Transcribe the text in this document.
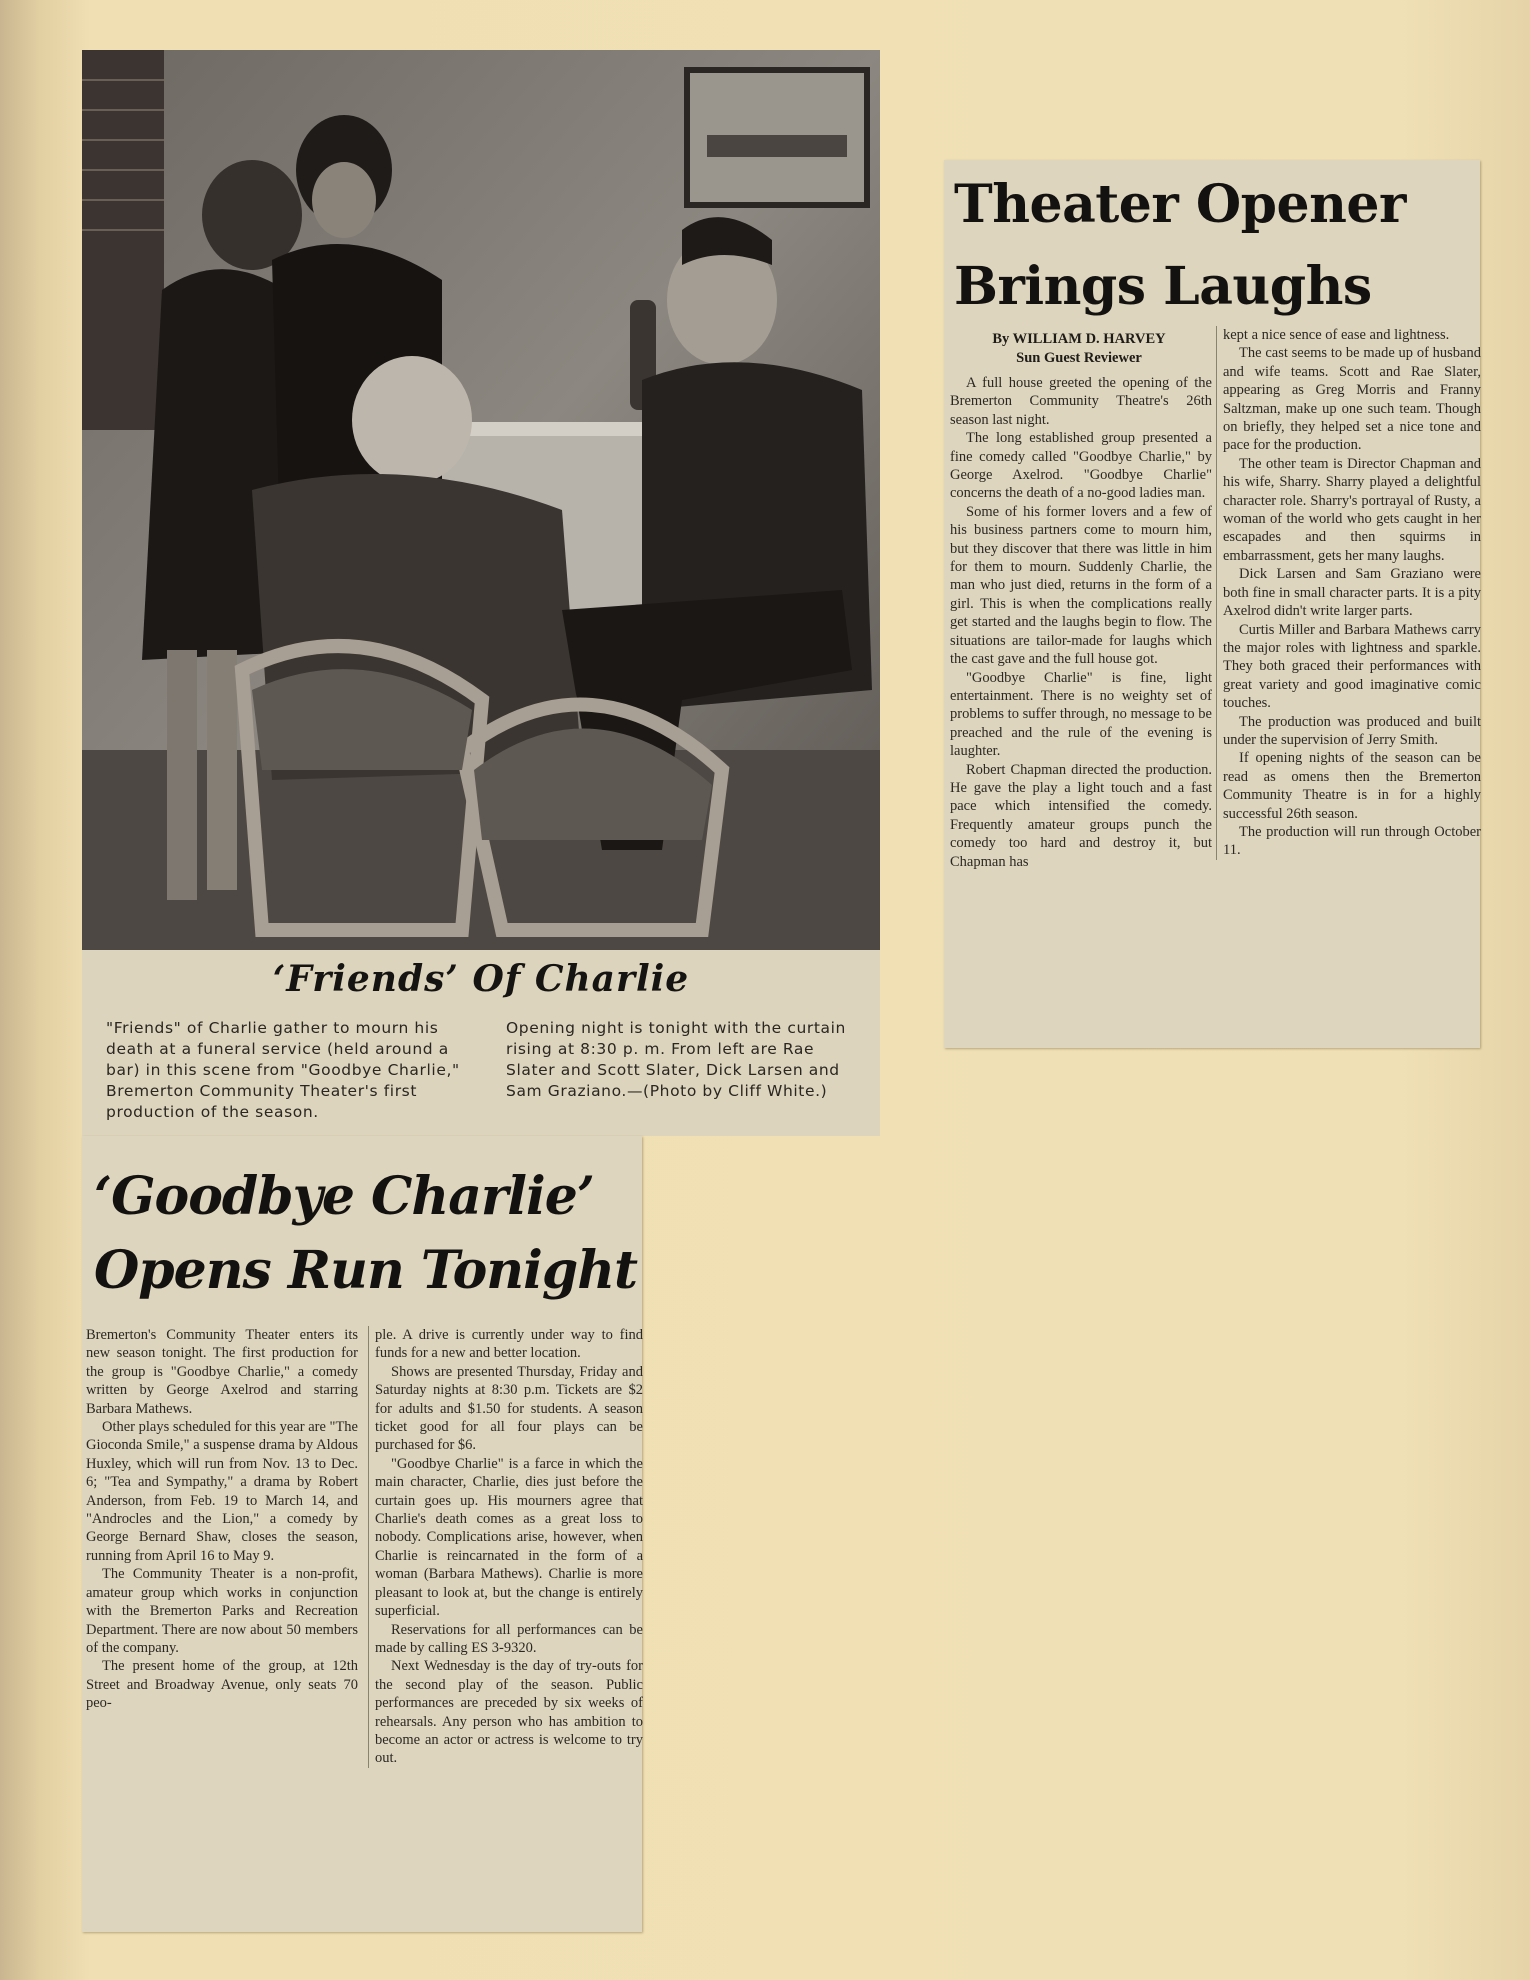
‘Friends’ Of Charlie

"Friends" of Charlie gather to mourn his death at a funeral service (held around a bar) in this scene from "Goodbye Charlie," Bremerton Community Theater's first production of the season.

Opening night is tonight with the curtain rising at 8:30 p. m. From left are Rae Slater and Scott Slater, Dick Larsen and Sam Graziano.—(Photo by Cliff White.)

‘Goodbye Charlie’
Opens Run Tonight

Bremerton's Community Theater enters its new season tonight. The first production for the group is "Goodbye Charlie," a comedy written by George Axelrod and starring Barbara Mathews.

Other plays scheduled for this year are "The Gioconda Smile," a suspense drama by Aldous Huxley, which will run from Nov. 13 to Dec. 6; "Tea and Sympathy," a drama by Robert Anderson, from Feb. 19 to March 14, and "Androcles and the Lion," a comedy by George Bernard Shaw, closes the season, running from April 16 to May 9.

The Community Theater is a non-profit, amateur group which works in conjunction with the Bremerton Parks and Recreation Department. There are now about 50 members of the company.

The present home of the group, at 12th Street and Broadway Avenue, only seats 70 peo-

ple. A drive is currently under way to find funds for a new and better location.

Shows are presented Thursday, Friday and Saturday nights at 8:30 p.m. Tickets are $2 for adults and $1.50 for students. A season ticket good for all four plays can be purchased for $6.

"Goodbye Charlie" is a farce in which the main character, Charlie, dies just before the curtain goes up. His mourners agree that Charlie's death comes as a great loss to nobody. Complications arise, however, when Charlie is reincarnated in the form of a woman (Barbara Mathews). Charlie is more pleasant to look at, but the change is entirely superficial.

Reservations for all performances can be made by calling ES 3-9320.

Next Wednesday is the day of try-outs for the second play of the season. Public performances are preceded by six weeks of rehearsals. Any person who has ambition to become an actor or actress is welcome to try out.

Theater Opener
Brings Laughs
By WILLIAM D. HARVEY
Sun Guest Reviewer

A full house greeted the opening of the Bremerton Community Theatre's 26th season last night.

The long established group presented a fine comedy called "Goodbye Charlie," by George Axelrod. "Goodbye Charlie" concerns the death of a no-good ladies man.

Some of his former lovers and a few of his business partners come to mourn him, but they discover that there was little in him for them to mourn. Suddenly Charlie, the man who just died, returns in the form of a girl. This is when the complications really get started and the laughs begin to flow. The situations are tailor-made for laughs which the cast gave and the full house got.

"Goodbye Charlie" is fine, light entertainment. There is no weighty set of problems to suffer through, no message to be preached and the rule of the evening is laughter.

Robert Chapman directed the production. He gave the play a light touch and a fast pace which intensified the comedy. Frequently amateur groups punch the comedy too hard and destroy it, but Chapman has

kept a nice sence of ease and lightness.

The cast seems to be made up of husband and wife teams. Scott and Rae Slater, appearing as Greg Morris and Franny Saltzman, make up one such team. Though on briefly, they helped set a nice tone and pace for the production.

The other team is Director Chapman and his wife, Sharry. Sharry played a delightful character role. Sharry's portrayal of Rusty, a woman of the world who gets caught in her escapades and then squirms in embarrassment, gets her many laughs.

Dick Larsen and Sam Graziano were both fine in small character parts. It is a pity Axelrod didn't write larger parts.

Curtis Miller and Barbara Mathews carry the major roles with lightness and sparkle. They both graced their performances with great variety and good imaginative comic touches.

The production was produced and built under the supervision of Jerry Smith.

If opening nights of the season can be read as omens then the Bremerton Community Theatre is in for a highly successful 26th season.

The production will run through October 11.
